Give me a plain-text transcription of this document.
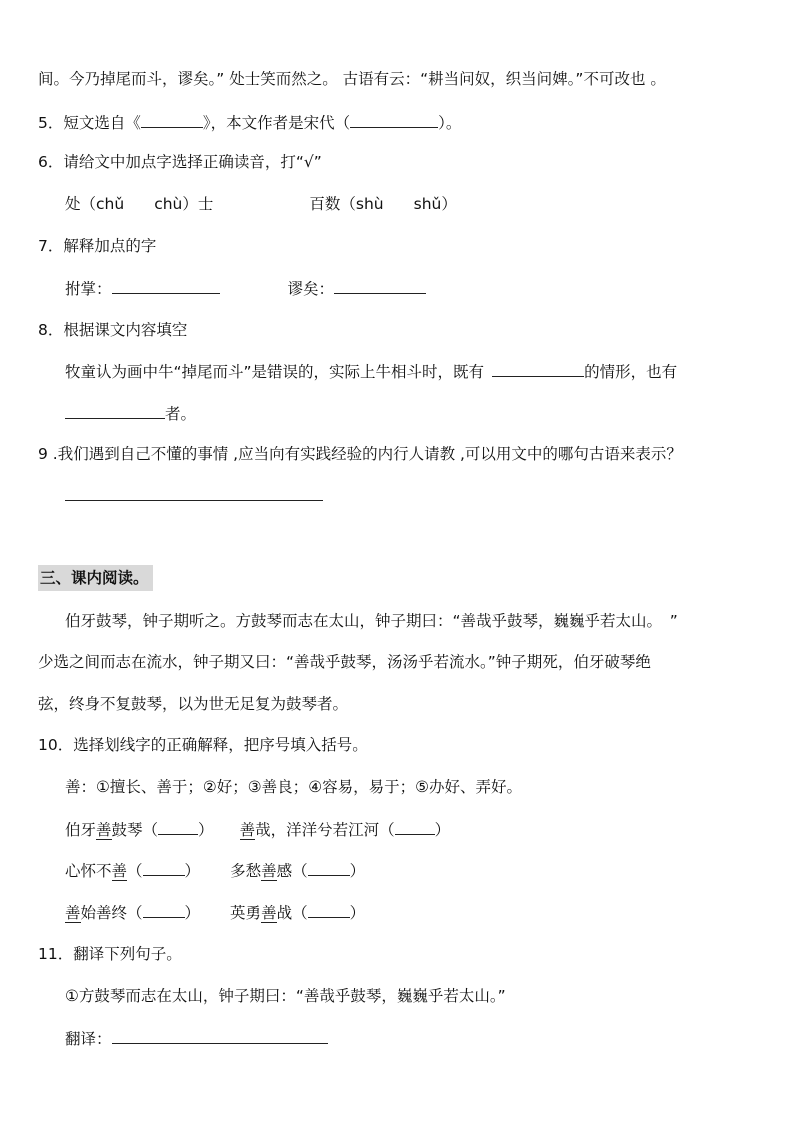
间。今乃掉尾而斗，谬矣。” 处士笑而然之。 古语有云：“耕当问奴，织当问婢。”不可改也 。
5．短文选自《	》，本文作者是宋代（	）。
6．请给文中加点字选择正确读音，打“√”
处（chǔ chù）士	百数（shù shǔ）
7．解释加点的字
拊掌：	谬矣：
8．根据课文内容填空
牧童认为画中牛“掉尾而斗”是错误的，实际上牛相斗时，既有	的情形，也有
者。
9 .我们遇到自己不懂的事情 ,应当向有实践经验的内行人请教 ,可以用文中的哪句古语来表示？
三、课内阅读。
伯牙鼓琴，钟子期听之。方鼓琴而志在太山，钟子期曰：“善哉乎鼓琴，巍巍乎若太山。　”
少选之间而志在流水，钟子期又曰：“善哉乎鼓琴，汤汤乎若流水。”钟子期死，伯牙破琴绝
弦，终身不复鼓琴，以为世无足复为鼓琴者。
10．选择划线字的正确解释，把序号填入括号。
善：①擅长、善于；②好；③善良；④容易，易于；⑤办好、弄好。
伯牙善鼓琴（	） 善哉，洋洋兮若江河（	）
心怀不善（	） 多愁善感（	）
善始善终（	） 英勇善战（	）
11．翻译下列句子。
①方鼓琴而志在太山，钟子期曰：“善哉乎鼓琴，巍巍乎若太山。”
翻译：
